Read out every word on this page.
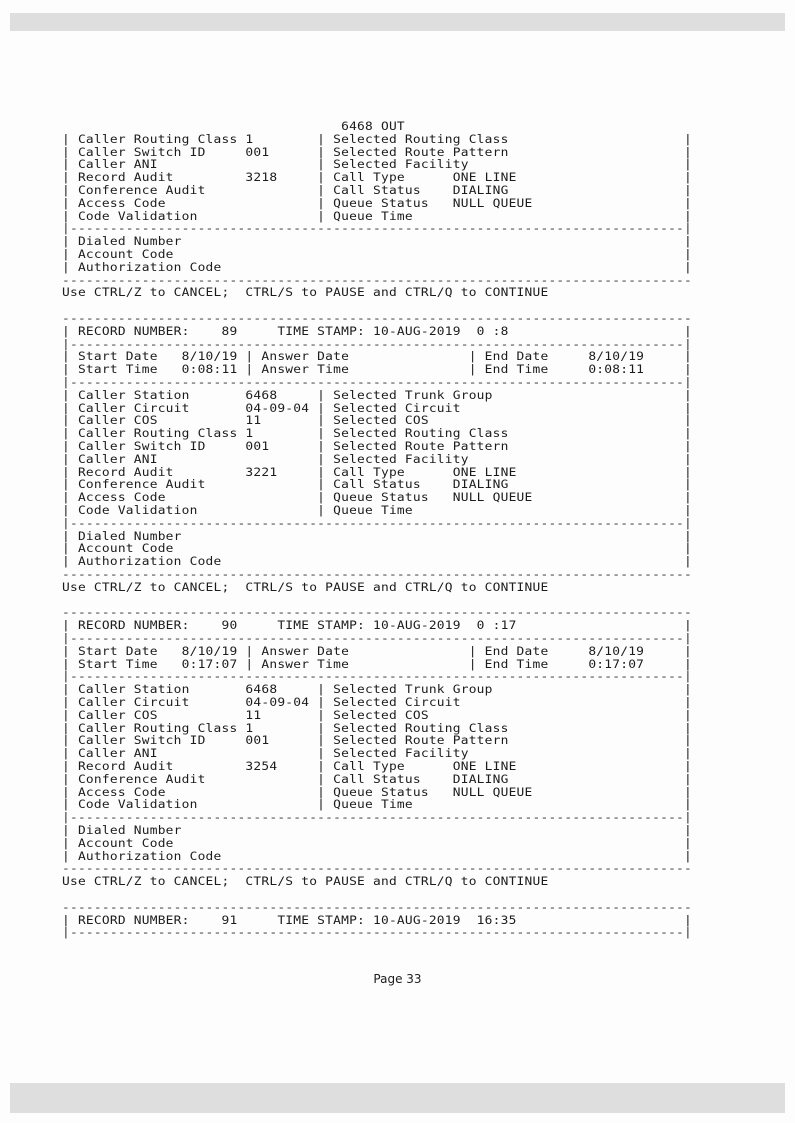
6468 OUT
| Caller Routing Class 1        | Selected Routing Class                      |
| Caller Switch ID     001      | Selected Route Pattern                      |
| Caller ANI                    | Selected Facility                           |
| Record Audit         3218     | Call Type      ONE LINE                     |
| Conference Audit              | Call Status    DIALING                      |
| Access Code                   | Queue Status   NULL QUEUE                   |
| Code Validation               | Queue Time                                  |
|-----------------------------------------------------------------------------|
| Dialed Number                                                               |
| Account Code                                                                |
| Authorization Code                                                          |
-------------------------------------------------------------------------------
Use CTRL/Z to CANCEL;  CTRL/S to PAUSE and CTRL/Q to CONTINUE
-------------------------------------------------------------------------------
| RECORD NUMBER:    89     TIME STAMP: 10-AUG-2019  0 :8                      |
|-----------------------------------------------------------------------------|
| Start Date   8/10/19 | Answer Date               | End Date     8/10/19     |
| Start Time   0:08:11 | Answer Time               | End Time     0:08:11     |
|-----------------------------------------------------------------------------|
| Caller Station       6468     | Selected Trunk Group                        |
| Caller Circuit       04-09-04 | Selected Circuit                            |
| Caller COS           11       | Selected COS                                |
| Caller Routing Class 1        | Selected Routing Class                      |
| Caller Switch ID     001      | Selected Route Pattern                      |
| Caller ANI                    | Selected Facility                           |
| Record Audit         3221     | Call Type      ONE LINE                     |
| Conference Audit              | Call Status    DIALING                      |
| Access Code                   | Queue Status   NULL QUEUE                   |
| Code Validation               | Queue Time                                  |
|-----------------------------------------------------------------------------|
| Dialed Number                                                               |
| Account Code                                                                |
| Authorization Code                                                          |
-------------------------------------------------------------------------------
Use CTRL/Z to CANCEL;  CTRL/S to PAUSE and CTRL/Q to CONTINUE
-------------------------------------------------------------------------------
| RECORD NUMBER:    90     TIME STAMP: 10-AUG-2019  0 :17                     |
|-----------------------------------------------------------------------------|
| Start Date   8/10/19 | Answer Date               | End Date     8/10/19     |
| Start Time   0:17:07 | Answer Time               | End Time     0:17:07     |
|-----------------------------------------------------------------------------|
| Caller Station       6468     | Selected Trunk Group                        |
| Caller Circuit       04-09-04 | Selected Circuit                            |
| Caller COS           11       | Selected COS                                |
| Caller Routing Class 1        | Selected Routing Class                      |
| Caller Switch ID     001      | Selected Route Pattern                      |
| Caller ANI                    | Selected Facility                           |
| Record Audit         3254     | Call Type      ONE LINE                     |
| Conference Audit              | Call Status    DIALING                      |
| Access Code                   | Queue Status   NULL QUEUE                   |
| Code Validation               | Queue Time                                  |
|-----------------------------------------------------------------------------|
| Dialed Number                                                               |
| Account Code                                                                |
| Authorization Code                                                          |
-------------------------------------------------------------------------------
Use CTRL/Z to CANCEL;  CTRL/S to PAUSE and CTRL/Q to CONTINUE
-------------------------------------------------------------------------------
| RECORD NUMBER:    91     TIME STAMP: 10-AUG-2019  16:35                     |
|-----------------------------------------------------------------------------|
Page 33
